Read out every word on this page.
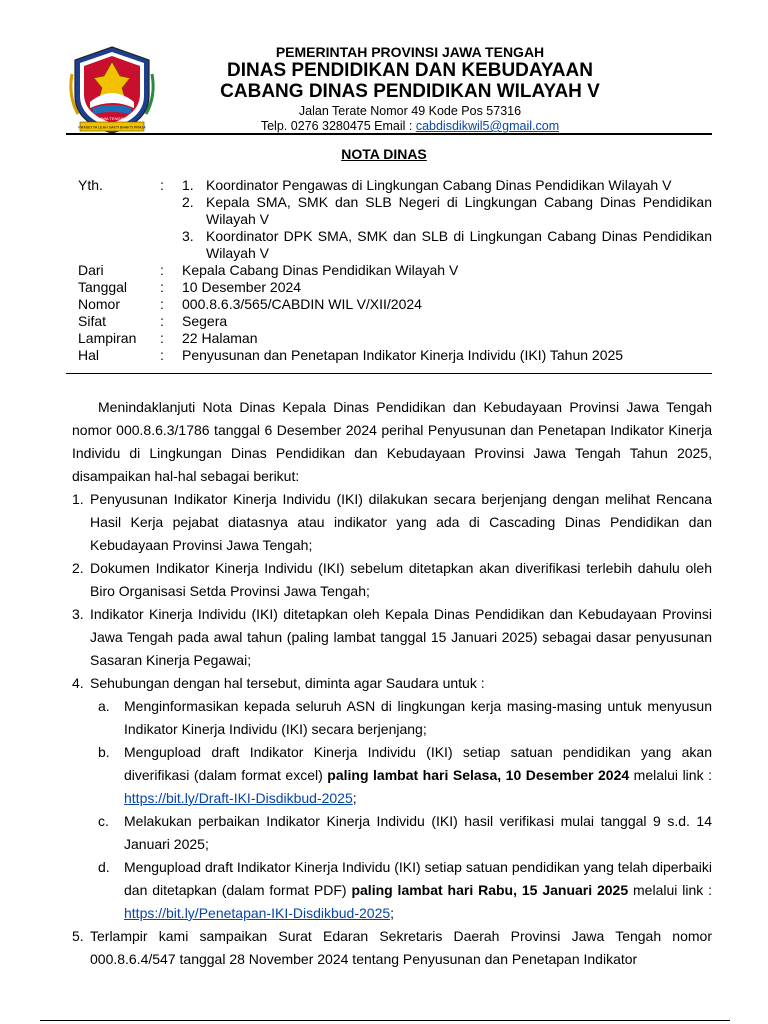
PRASETYA ULAH SAKTI BHAKTI PRAJA
JAWA TENGAH
PEMERINTAH PROVINSI JAWA TENGAH
DINAS PENDIDIKAN DAN KEBUDAYAAN
CABANG DINAS PENDIDIKAN WILAYAH V
Jalan Terate Nomor 49 Kode Pos 57316
Telp. 0276 3280475 Email : cabdisdikwil5@gmail.com
NOTA DINAS
Yth.	:	1. Koordinator Pengawas di Lingkungan Cabang Dinas Pendidikan Wilayah V
2. Kepala SMA, SMK dan SLB Negeri di Lingkungan Cabang Dinas Pendidikan Wilayah V
3. Koordinator DPK SMA, SMK dan SLB di Lingkungan Cabang Dinas Pendidikan Wilayah V
Dari	:	Kepala Cabang Dinas Pendidikan Wilayah V
Tanggal	:	10 Desember 2024
Nomor	:	000.8.6.3/565/CABDIN WIL V/XII/2024
Sifat	:	Segera
Lampiran	:	22 Halaman
Hal	:	Penyusunan dan Penetapan Indikator Kinerja Individu (IKI) Tahun 2025

Menindaklanjuti Nota Dinas Kepala Dinas Pendidikan dan Kebudayaan Provinsi Jawa Tengah nomor 000.8.6.3/1786 tanggal 6 Desember 2024 perihal Penyusunan dan Penetapan Indikator Kinerja Individu di Lingkungan Dinas Pendidikan dan Kebudayaan Provinsi Jawa Tengah Tahun 2025, disampaikan hal-hal sebagai berikut:

1. Penyusunan Indikator Kinerja Individu (IKI) dilakukan secara berjenjang dengan melihat Rencana Hasil Kerja pejabat diatasnya atau indikator yang ada di Cascading Dinas Pendidikan dan Kebudayaan Provinsi Jawa Tengah;
2. Dokumen Indikator Kinerja Individu (IKI) sebelum ditetapkan akan diverifikasi terlebih dahulu oleh Biro Organisasi Setda Provinsi Jawa Tengah;
3. Indikator Kinerja Individu (IKI) ditetapkan oleh Kepala Dinas Pendidikan dan Kebudayaan Provinsi Jawa Tengah pada awal tahun (paling lambat tanggal 15 Januari 2025) sebagai dasar penyusunan Sasaran Kinerja Pegawai;
4. Sehubungan dengan hal tersebut, diminta agar Saudara untuk :
a.	Menginformasikan kepada seluruh ASN di lingkungan kerja masing-masing untuk menyusun Indikator Kinerja Individu (IKI) secara berjenjang;
b.	Mengupload draft Indikator Kinerja Individu (IKI) setiap satuan pendidikan yang akan diverifikasi (dalam format excel) paling lambat hari Selasa, 10 Desember 2024 melalui link : https://bit.ly/Draft-IKI-Disdikbud-2025;
c.	Melakukan perbaikan Indikator Kinerja Individu (IKI) hasil verifikasi mulai tanggal 9 s.d. 14 Januari 2025;
d.	Mengupload draft Indikator Kinerja Individu (IKI) setiap satuan pendidikan yang telah diperbaiki dan ditetapkan (dalam format PDF) paling lambat hari Rabu, 15 Januari 2025 melalui link : https://bit.ly/Penetapan-IKI-Disdikbud-2025;
5. Terlampir kami sampaikan Surat Edaran Sekretaris Daerah Provinsi Jawa Tengah nomor 000.8.6.4/547 tanggal 28 November 2024 tentang Penyusunan dan Penetapan Indikator
